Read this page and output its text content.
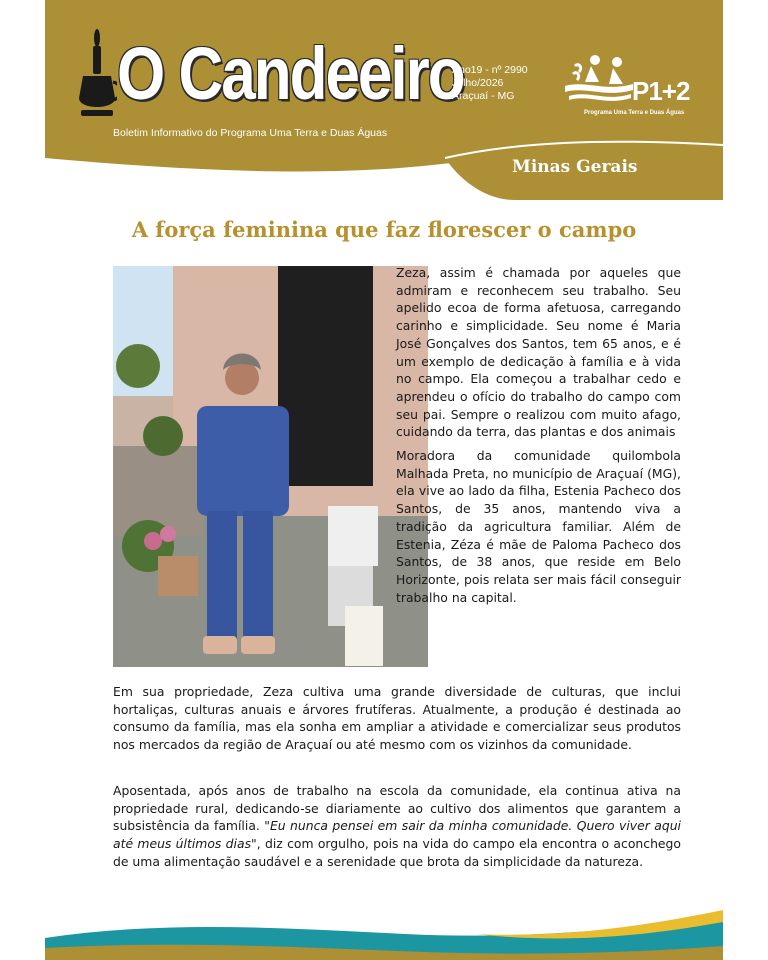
O Candeeiro
Boletim Informativo do Programa Uma Terra e Duas Águas
Ano19 - nº 2990
Julho/2026
Araçuaí - MG	P1+2
Programa Uma Terra e Duas Águas
Minas Gerais
A força feminina que faz florescer o campo

Zeza, assim é chamada por aqueles que admiram e reconhecem seu trabalho. Seu apelido ecoa de forma afetuosa, carregando carinho e simplicidade. Seu nome é Maria José Gonçalves dos Santos, tem 65 anos, e é um exemplo de dedicação à família e à vida no campo. Ela começou a trabalhar cedo e aprendeu o ofício do trabalho do campo com seu pai. Sempre o realizou com muito afago, cuidando da terra, das plantas e dos animais

Moradora da comunidade quilombola Malhada Preta, no município de Araçuaí (MG), ela vive ao lado da filha, Estenia Pacheco dos Santos, de 35 anos, mantendo viva a tradição da agricultura familiar. Além de Estenia, Zéza é mãe de Paloma Pacheco dos Santos, de 38 anos, que reside em Belo Horizonte, pois relata ser mais fácil conseguir trabalho na capital.

Em sua propriedade, Zeza cultiva uma grande diversidade de culturas, que inclui hortaliças, culturas anuais e árvores frutíferas. Atualmente, a produção é destinada ao consumo da família, mas ela sonha em ampliar a atividade e comercializar seus produtos nos mercados da região de Araçuaí ou até mesmo com os vizinhos da comunidade.

Aposentada, após anos de trabalho na escola da comunidade, ela continua ativa na propriedade rural, dedicando-se diariamente ao cultivo dos alimentos que garantem a subsistência da família. "Eu nunca pensei em sair da minha comunidade. Quero viver aqui até meus últimos dias", diz com orgulho, pois na vida do campo ela encontra o aconchego de uma alimentação saudável e a serenidade que brota da simplicidade da natureza.
